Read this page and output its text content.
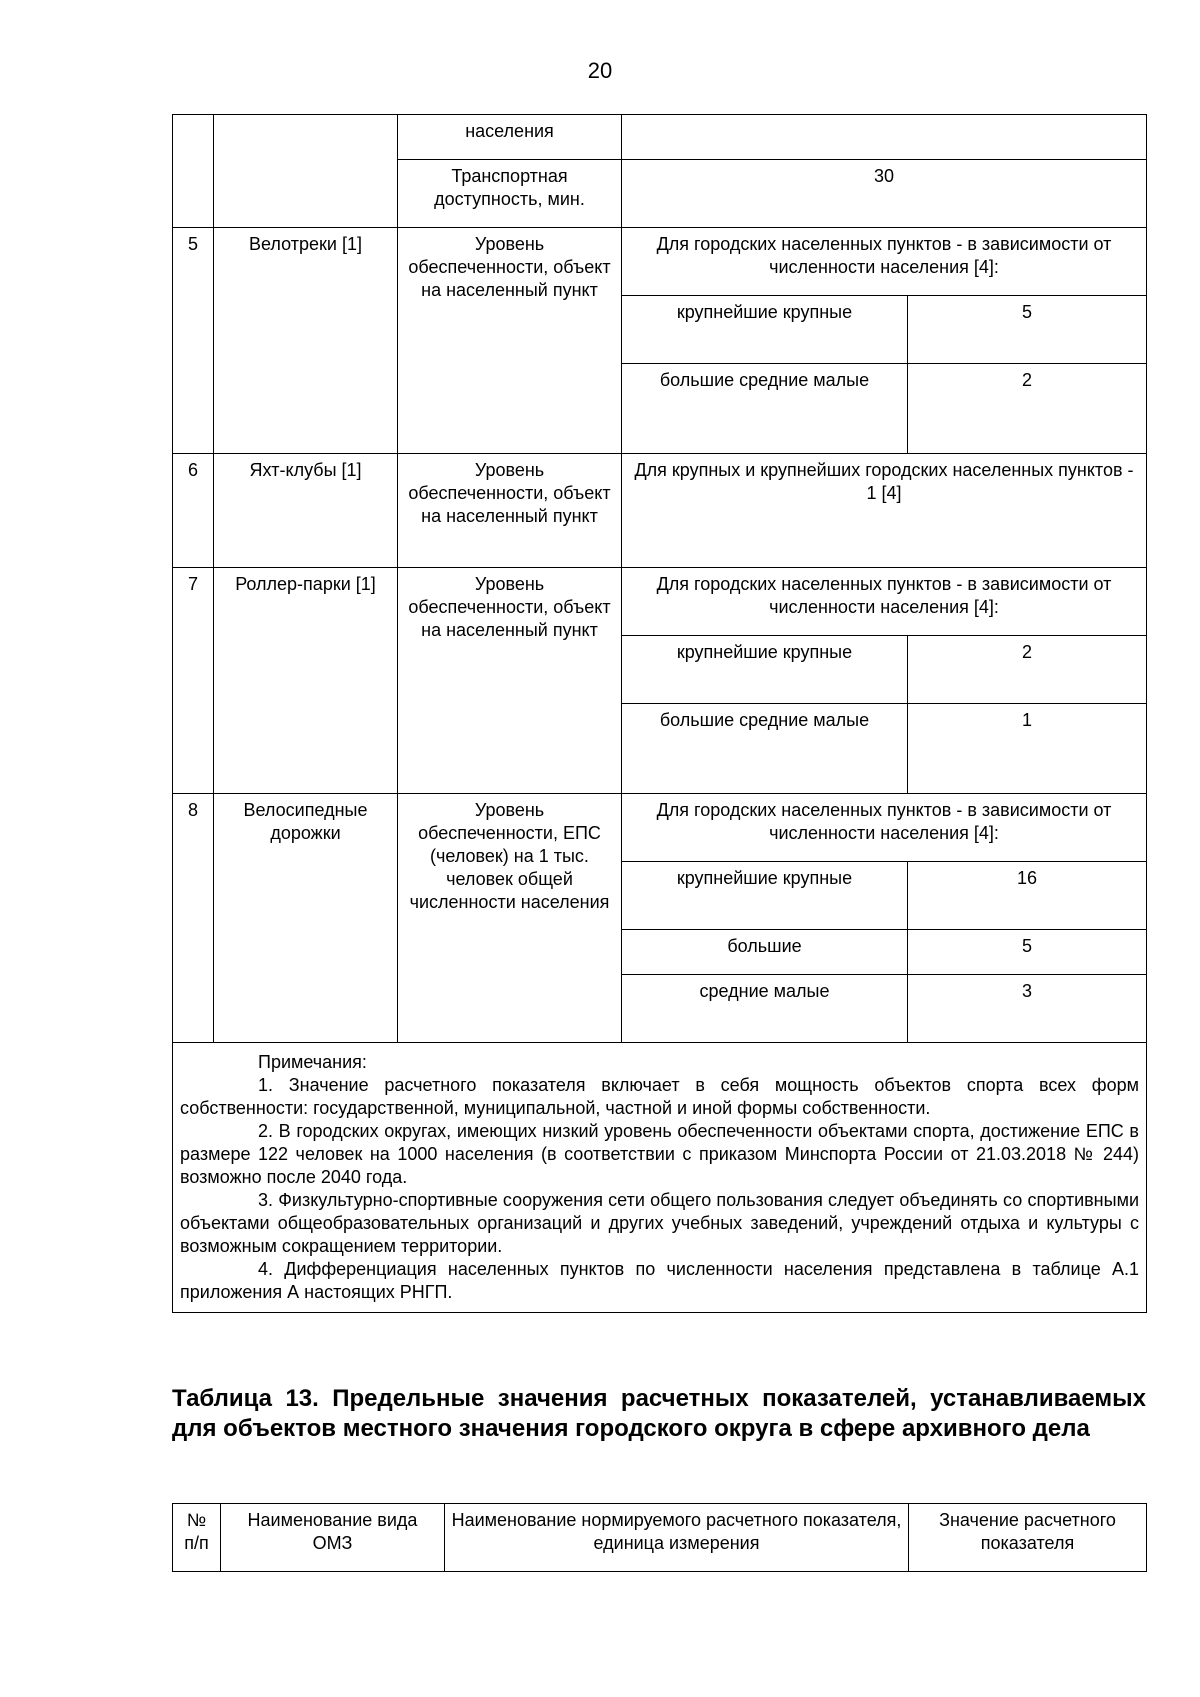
20
		населения		
		Транспортная доступность, мин.	30	
5	Велотреки [1]	Уровень обеспеченности, объект на населенный пункт	Для городских населенных пунктов - в зависимости от численности населения [4]:	
			крупнейшие крупные	5
			большие средние малые	2
6	Яхт-клубы [1]	Уровень обеспеченности, объект на населенный пункт	Для крупных и крупнейших городских населенных пунктов - 1 [4]	
7	Роллер-парки [1]	Уровень обеспеченности, объект на населенный пункт	Для городских населенных пунктов - в зависимости от численности населения [4]:	
			крупнейшие крупные	2
			большие средние малые	1
8	Велосипедные дорожки	Уровень обеспеченности, ЕПС (человек) на 1 тыс. человек общей численности населения	Для городских населенных пунктов - в зависимости от численности населения [4]:	
			крупнейшие крупные	16
			большие	5
			средние малые	3

Примечания:

1. Значение расчетного показателя включает в себя мощность объектов спорта всех форм собственности: государственной, муниципальной, частной и иной формы собственности.

2. В городских округах, имеющих низкий уровень обеспеченности объектами спорта, достижение ЕПС в размере 122 человек на 1000 населения (в соответствии с приказом Минспорта России от 21.03.2018 № 244) возможно после 2040 года.

3. Физкультурно-спортивные сооружения сети общего пользования следует объединять со спортивными объектами общеобразовательных организаций и других учебных заведений, учреждений отдыха и культуры с возможным сокращением территории.

4. Дифференциация населенных пунктов по численности населения представлена в таблице А.1 приложения А настоящих РНГП.				

Таблица 13. Предельные значения расчетных показателей, устанавливаемых для объектов местного значения городского округа в сфере архивного дела
№ п/п	Наименование вида ОМЗ	Наименование нормируемого расчетного показателя, единица измерения	Значение расчетного показателя
